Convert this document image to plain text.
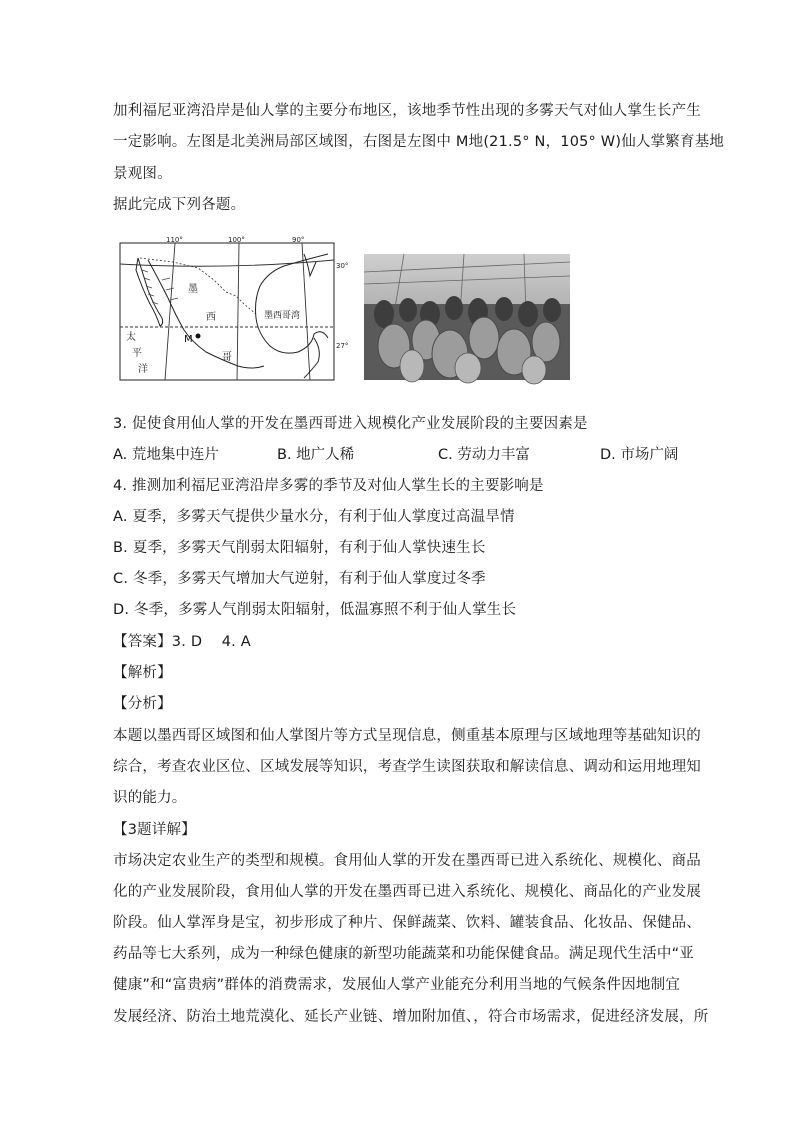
加利福尼亚湾沿岸是仙人掌的主要分布地区，该地季节性出现的多雾天气对仙人掌生长产生
一定影响。左图是北美洲局部区域图，右图是左图中 M地(21.5° N，105° W)仙人掌繁育基地
景观图。
据此完成下列各题。
110°	100°	90°
30°
27°
墨
西
哥
墨西哥湾
太
平
洋
M
3. 促使食用仙人掌的开发在墨西哥进入规模化产业发展阶段的主要因素是
A. 荒地集中连片	B. 地广人稀	C. 劳动力丰富	D. 市场广阔
4. 推测加利福尼亚湾沿岸多雾的季节及对仙人掌生长的主要影响是
A. 夏季，多雾天气提供少量水分，有利于仙人掌度过高温旱情
B. 夏季，多雾天气削弱太阳辐射，有利于仙人掌快速生长
C. 冬季，多雾天气增加大气逆射，有利于仙人掌度过冬季
D. 冬季，多雾人气削弱太阳辐射，低温寡照不利于仙人掌生长
【答案】3. D　 4. A
【解析】
【分析】
本题以墨西哥区域图和仙人掌图片等方式呈现信息，侧重基本原理与区域地理等基础知识的
综合，考查农业区位、区域发展等知识，考查学生读图获取和解读信息、调动和运用地理知
识的能力。
【3题详解】
市场决定农业生产的类型和规模。食用仙人掌的开发在墨西哥已进入系统化、规模化、商品
化的产业发展阶段，食用仙人掌的开发在墨西哥已进入系统化、规模化、商品化的产业发展
阶段。仙人掌浑身是宝，初步形成了种片、保鲜蔬菜、饮料、罐装食品、化妆品、保健品、
药品等七大系列，成为一种绿色健康的新型功能蔬菜和功能保健食品。满足现代生活中“亚
健康”和“富贵病”群体的消费需求，发展仙人掌产业能充分利用当地的气候条件因地制宜
发展经济、防治土地荒漠化、延长产业链、增加附加值、，符合市场需求，促进经济发展，所
